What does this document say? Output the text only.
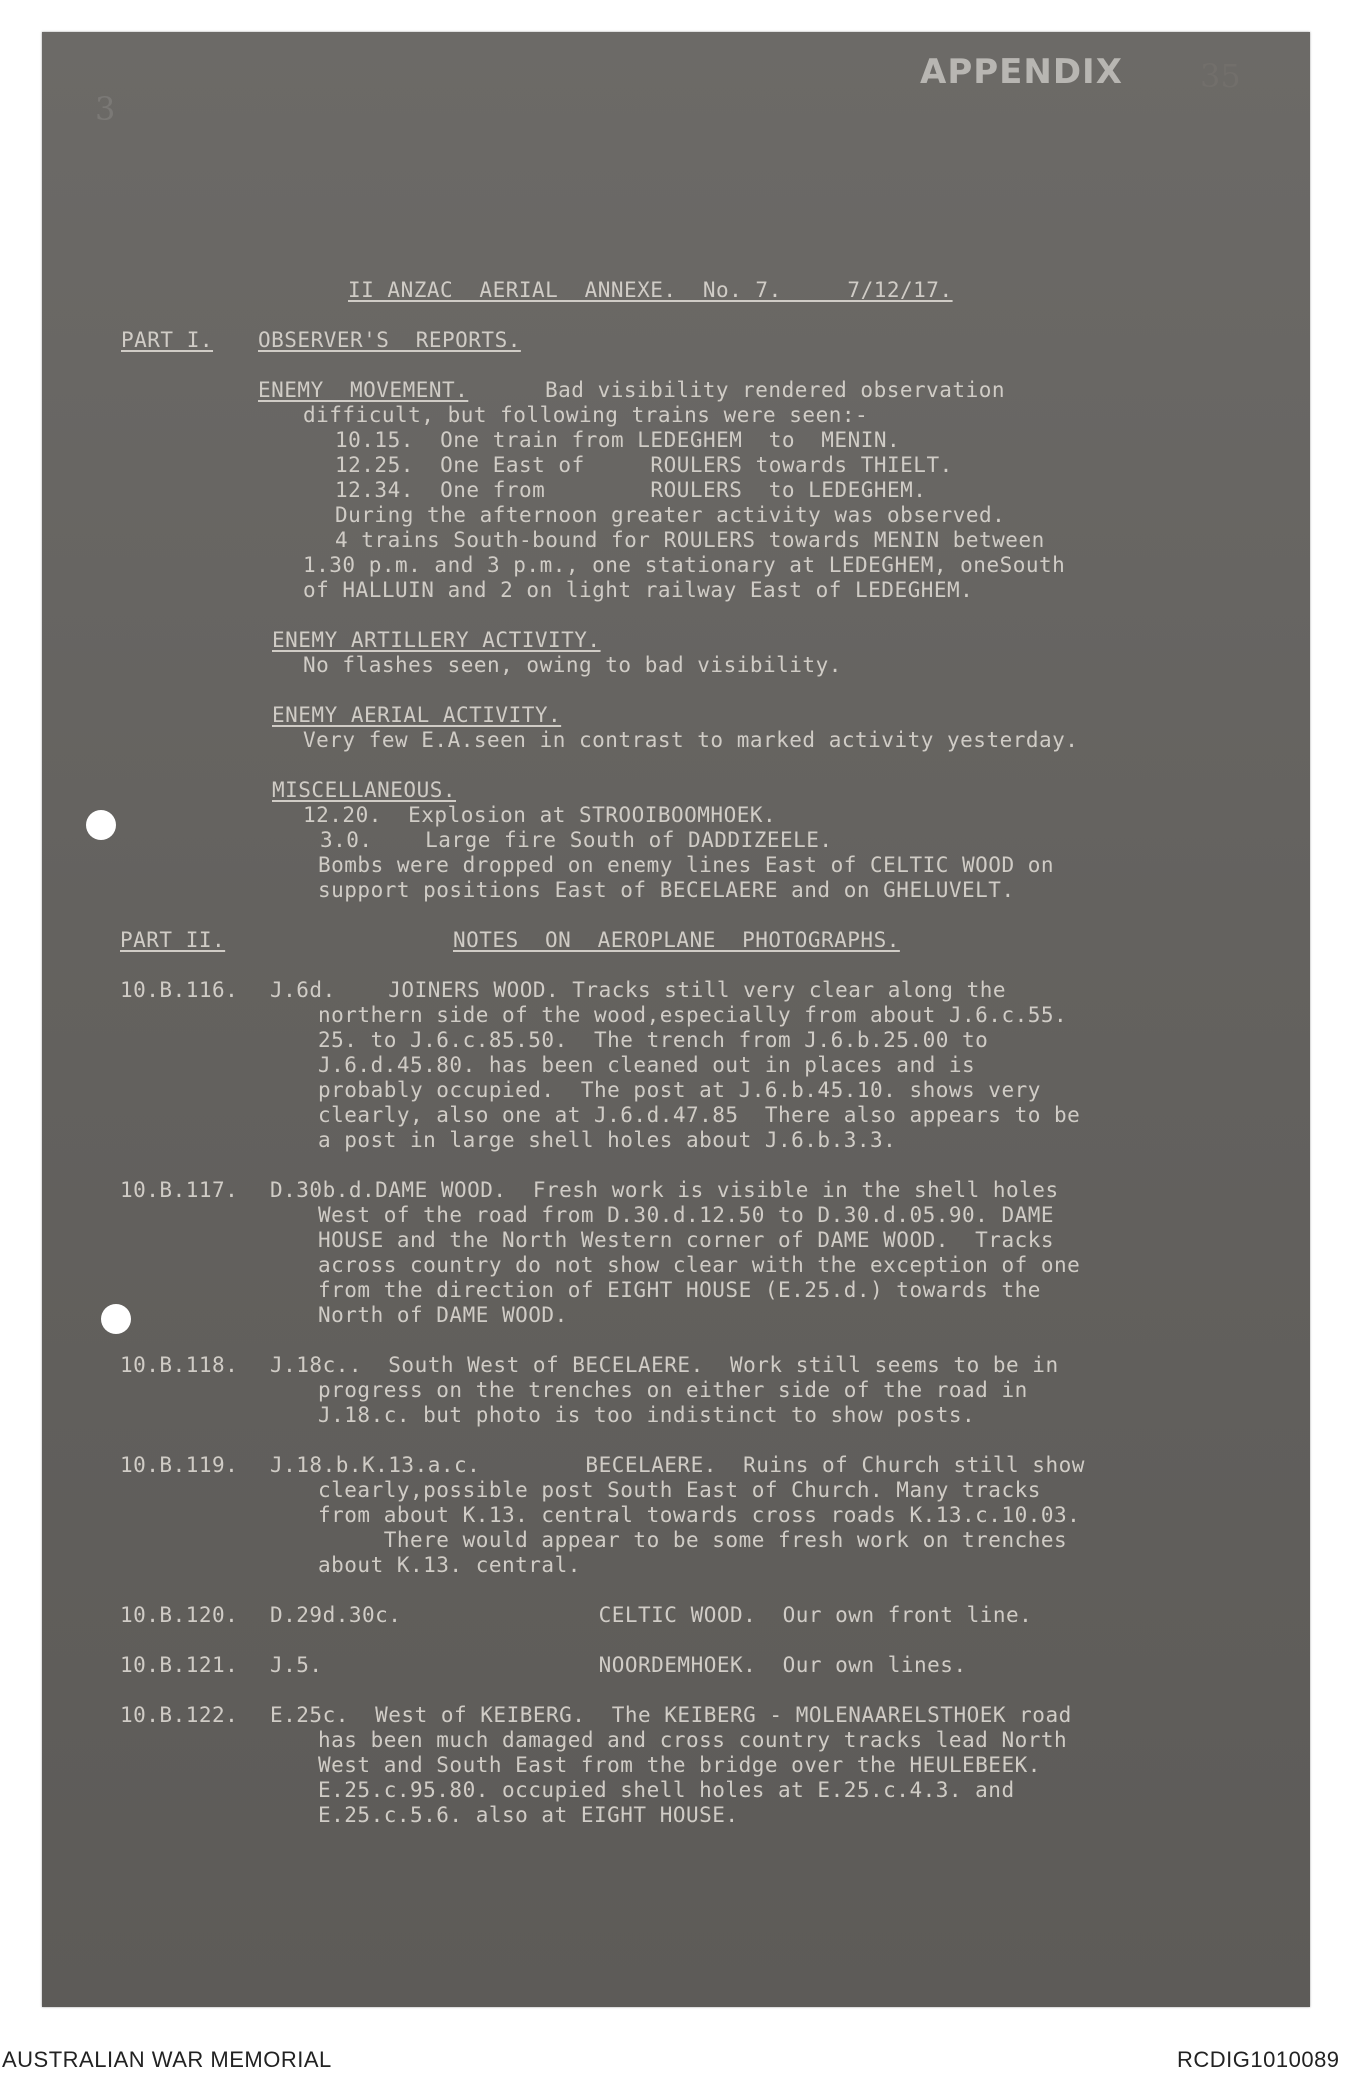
APPENDIX
3
35
II ANZAC  AERIAL  ANNEXE.  No. 7.     7/12/17.
PART I. OBSERVER'S  REPORTS.
ENEMY  MOVEMENT.	Bad visibility rendered observation
difficult, but following trains were seen:-
10.15.  One train from LEDEGHEM  to  MENIN.
12.25.  One East of     ROULERS towards THIELT.
12.34.  One from        ROULERS  to LEDEGHEM.
During the afternoon greater activity was observed.
4 trains South-bound for ROULERS towards MENIN between
1.30 p.m. and 3 p.m., one stationary at LEDEGHEM, oneSouth
of HALLUIN and 2 on light railway East of LEDEGHEM.
ENEMY ARTILLERY ACTIVITY.
No flashes seen, owing to bad visibility.
ENEMY AERIAL ACTIVITY.
Very few E.A.seen in contrast to marked activity yesterday.
MISCELLANEOUS.
12.20.  Explosion at STROOIBOOMHOEK.
3.0.    Large fire South of DADDIZEELE.
Bombs were dropped on enemy lines East of CELTIC WOOD on
support positions East of BECELAERE and on GHELUVELT.
PART II.	NOTES  ON  AEROPLANE  PHOTOGRAPHS.
10.B.116. J.6d.    JOINERS WOOD. Tracks still very clear along the
northern side of the wood,especially from about J.6.c.55.
25. to J.6.c.85.50.  The trench from J.6.b.25.00 to
J.6.d.45.80. has been cleaned out in places and is
probably occupied.  The post at J.6.b.45.10. shows very
clearly, also one at J.6.d.47.85  There also appears to be
a post in large shell holes about J.6.b.3.3.
10.B.117. D.30b.d.DAME WOOD.  Fresh work is visible in the shell holes
West of the road from D.30.d.12.50 to D.30.d.05.90. DAME
HOUSE and the North Western corner of DAME WOOD.  Tracks
across country do not show clear with the exception of one
from the direction of EIGHT HOUSE (E.25.d.) towards the
North of DAME WOOD.
10.B.118. J.18c..  South West of BECELAERE.  Work still seems to be in
progress on the trenches on either side of the road in
J.18.c. but photo is too indistinct to show posts.
10.B.119. J.18.b.K.13.a.c.        BECELAERE.  Ruins of Church still show
clearly,possible post South East of Church. Many tracks
from about K.13. central towards cross roads K.13.c.10.03.
There would appear to be some fresh work on trenches
about K.13. central.
10.B.120. D.29d.30c.               CELTIC WOOD.  Our own front line.
10.B.121. J.5.                     NOORDEMHOEK.  Our own lines.
10.B.122. E.25c.  West of KEIBERG.  The KEIBERG - MOLENAARELSTHOEK road
has been much damaged and cross country tracks lead North
West and South East from the bridge over the HEULEBEEK.
E.25.c.95.80. occupied shell holes at E.25.c.4.3. and
E.25.c.5.6. also at EIGHT HOUSE.
AUSTRALIAN WAR MEMORIAL	RCDIG1010089
